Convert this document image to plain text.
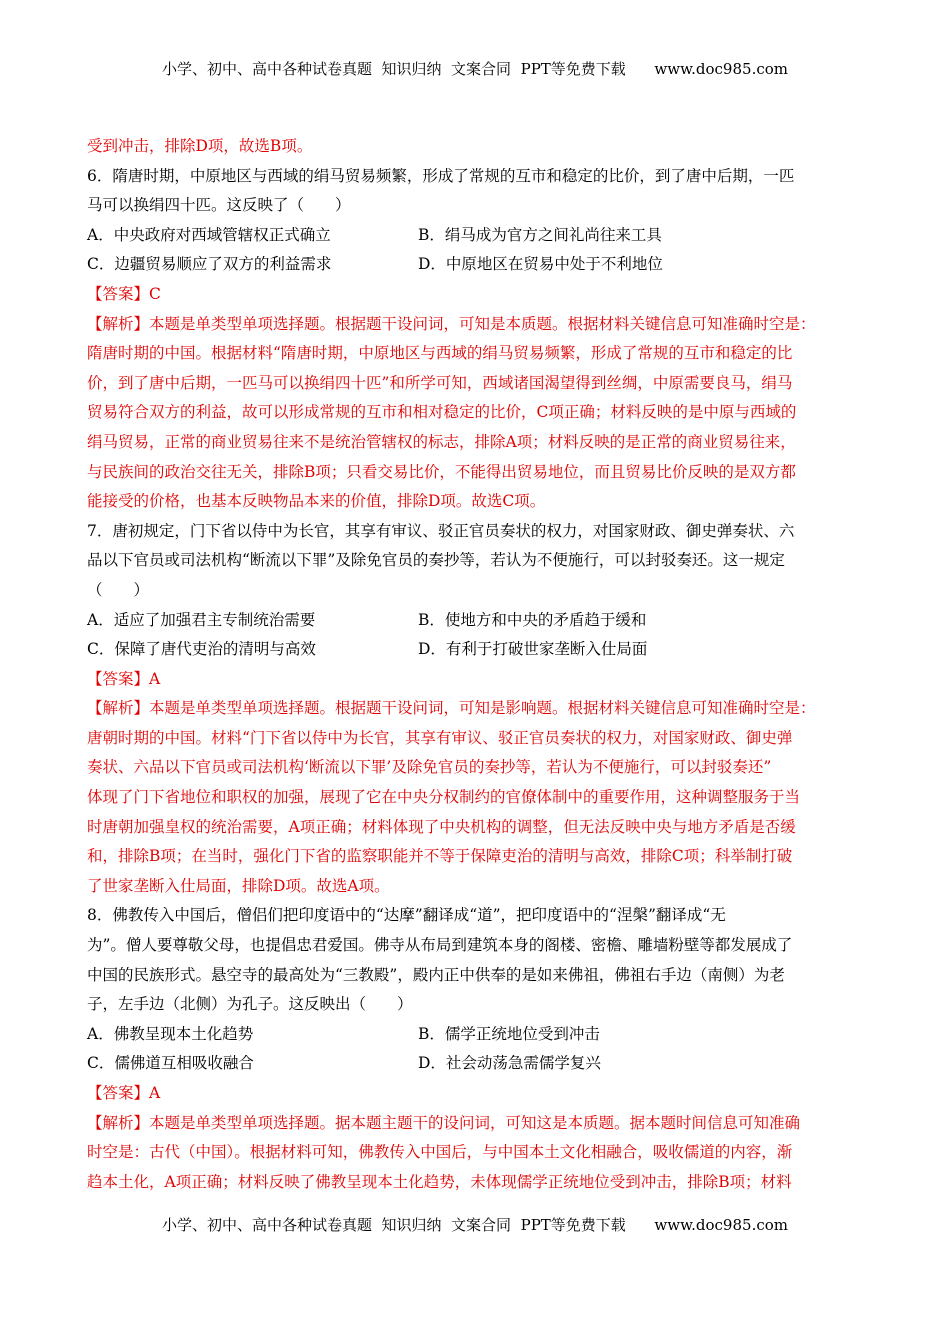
小学、初中、高中各种试卷真题  知识归纳  文案合同  PPT等免费下载      www.doc985.com
受到冲击，排除D项，故选B项。
6．隋唐时期，中原地区与西域的绢马贸易频繁，形成了常规的互市和稳定的比价，到了唐中后期，一匹
马可以换绢四十匹。这反映了（　　）
A．中央政府对西域管辖权正式确立	B．绢马成为官方之间礼尚往来工具
C．边疆贸易顺应了双方的利益需求	D．中原地区在贸易中处于不利地位
【答案】C
【解析】本题是单类型单项选择题。根据题干设问词，可知是本质题。根据材料关键信息可知准确时空是：
隋唐时期的中国。根据材料“隋唐时期，中原地区与西域的绢马贸易频繁，形成了常规的互市和稳定的比
价，到了唐中后期，一匹马可以换绢四十匹”和所学可知，西域诸国渴望得到丝绸，中原需要良马，绢马
贸易符合双方的利益，故可以形成常规的互市和相对稳定的比价，C项正确；材料反映的是中原与西域的
绢马贸易，正常的商业贸易往来不是统治管辖权的标志，排除A项；材料反映的是正常的商业贸易往来，
与民族间的政治交往无关，排除B项；只看交易比价，不能得出贸易地位，而且贸易比价反映的是双方都
能接受的价格，也基本反映物品本来的价值，排除D项。故选C项。
7．唐初规定，门下省以侍中为长官，其享有审议、驳正官员奏状的权力，对国家财政、御史弹奏状、六
品以下官员或司法机构“断流以下罪”及除免官员的奏抄等，若认为不便施行，可以封驳奏还。这一规定
（　　）
A．适应了加强君主专制统治需要	B．使地方和中央的矛盾趋于缓和
C．保障了唐代吏治的清明与高效	D．有利于打破世家垄断入仕局面
【答案】A
【解析】本题是单类型单项选择题。根据题干设问词，可知是影响题。根据材料关键信息可知准确时空是：
唐朝时期的中国。材料“门下省以侍中为长官，其享有审议、驳正官员奏状的权力，对国家财政、御史弹
奏状、六品以下官员或司法机构‘断流以下罪’及除免官员的奏抄等，若认为不便施行，可以封驳奏还”
体现了门下省地位和职权的加强，展现了它在中央分权制约的官僚体制中的重要作用，这种调整服务于当
时唐朝加强皇权的统治需要，A项正确；材料体现了中央机构的调整，但无法反映中央与地方矛盾是否缓
和，排除B项；在当时，强化门下省的监察职能并不等于保障吏治的清明与高效，排除C项；科举制打破
了世家垄断入仕局面，排除D项。故选A项。
8．佛教传入中国后，僧侣们把印度语中的“达摩”翻译成“道”，把印度语中的“涅槃”翻译成“无
为”。僧人要尊敬父母，也提倡忠君爱国。佛寺从布局到建筑本身的阁楼、密檐、雕墙粉壁等都发展成了
中国的民族形式。悬空寺的最高处为“三教殿”，殿内正中供奉的是如来佛祖，佛祖右手边（南侧）为老
子，左手边（北侧）为孔子。这反映出（　　）
A．佛教呈现本土化趋势	B．儒学正统地位受到冲击
C．儒佛道互相吸收融合	D．社会动荡急需儒学复兴
【答案】A
【解析】本题是单类型单项选择题。据本题主题干的设问词，可知这是本质题。据本题时间信息可知准确
时空是：古代（中国）。根据材料可知，佛教传入中国后，与中国本土文化相融合，吸收儒道的内容，渐
趋本土化，A项正确；材料反映了佛教呈现本土化趋势，未体现儒学正统地位受到冲击，排除B项；材料
小学、初中、高中各种试卷真题  知识归纳  文案合同  PPT等免费下载      www.doc985.com
